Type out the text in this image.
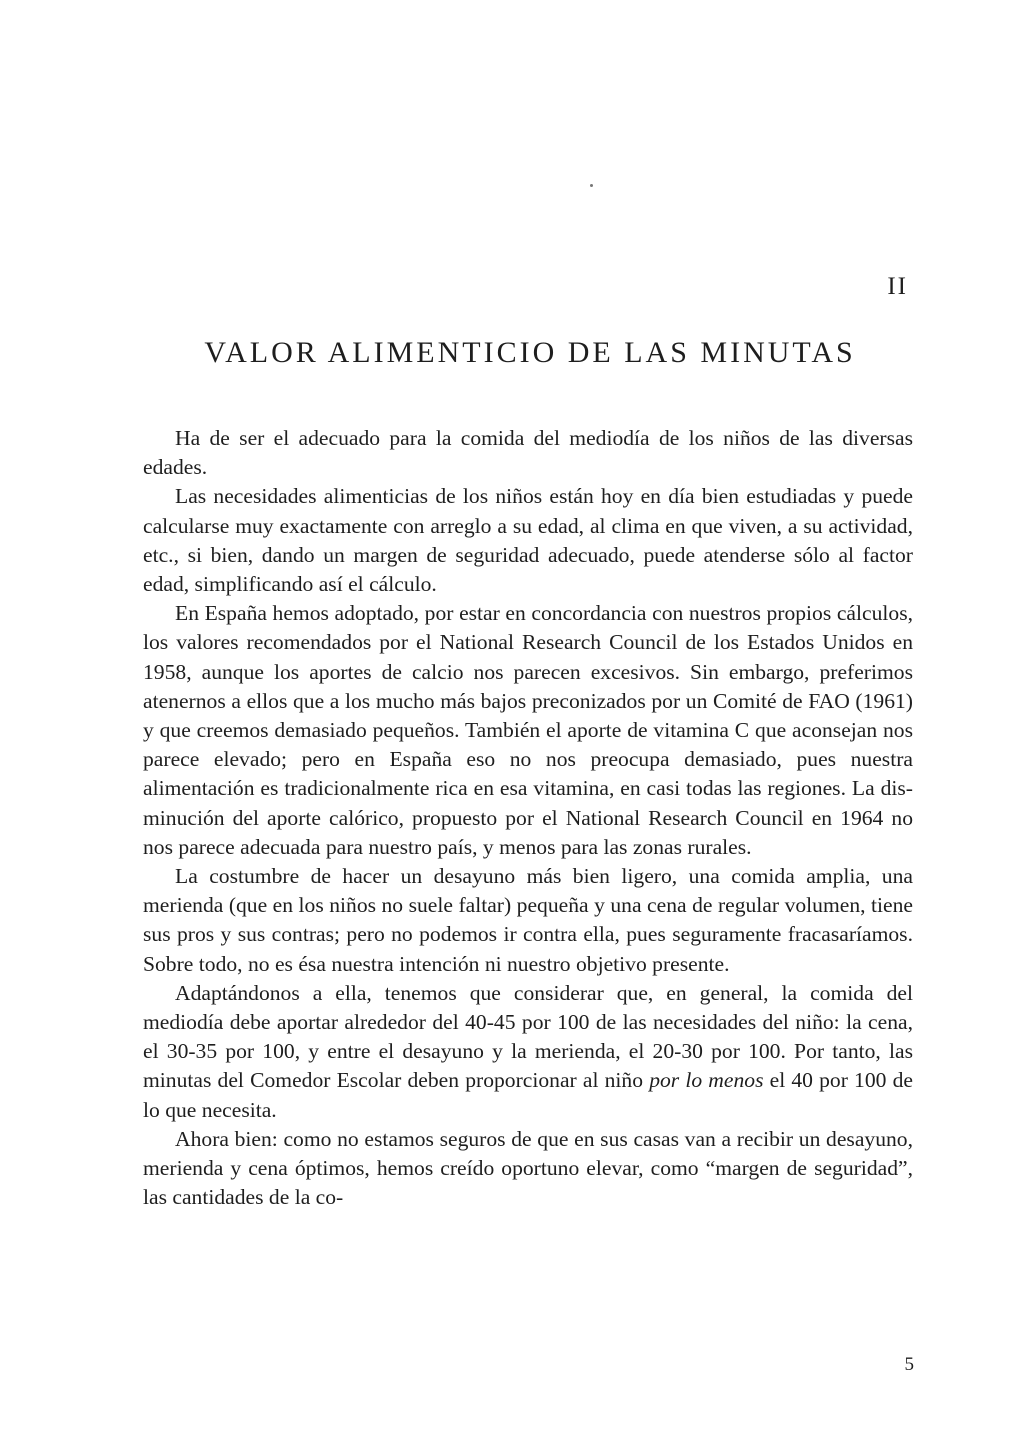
II
VALOR ALIMENTICIO DE LAS MINUTAS

Ha de ser el adecuado para la comida del mediodía de los niños de las diversas edades.

Las necesidades alimenticias de los niños están hoy en día bien estudiadas y puede calcularse muy exactamente con arreglo a su edad, al clima en que viven, a su actividad, etc., si bien, dando un margen de seguridad adecuado, puede atenderse sólo al factor edad, simplificando así el cálculo.

En España hemos adoptado, por estar en concordancia con nuestros propios cálculos, los valores recomendados por el National Research Council de los Estados Unidos en 1958, aunque los aportes de calcio nos parecen excesivos. Sin embargo, preferimos atenernos a ellos que a los mucho más bajos preconizados por un Comité de FAO (1961) y que creemos demasiado pequeños. También el aporte de vitamina C que aconsejan nos parece elevado; pero en España eso no nos preocupa demasiado, pues nuestra alimentación es tradicionalmente rica en esa vitamina, en casi todas las regiones. La disminución del aporte calórico, propuesto por el National Research Council en 1964 no nos parece adecuada para nuestro país, y menos para las zonas rurales.

La costumbre de hacer un desayuno más bien ligero, una comida amplia, una merienda (que en los niños no suele faltar) pequeña y una cena de regular volumen, tiene sus pros y sus contras; pero no podemos ir contra ella, pues seguramente fracasaríamos. Sobre todo, no es ésa nuestra intención ni nuestro objetivo presente.

Adaptándonos a ella, tenemos que considerar que, en general, la comida del mediodía debe aportar alrededor del 40-45 por 100 de las necesidades del niño: la cena, el 30-35 por 100, y entre el desayuno y la merienda, el 20-30 por 100. Por tanto, las minutas del Comedor Escolar deben proporcionar al niño por lo menos el 40 por 100 de lo que necesita.

Ahora bien: como no estamos seguros de que en sus casas van a recibir un desayuno, merienda y cena óptimos, hemos creído oportuno elevar, como “margen de seguridad”, las cantidades de la co-

5
